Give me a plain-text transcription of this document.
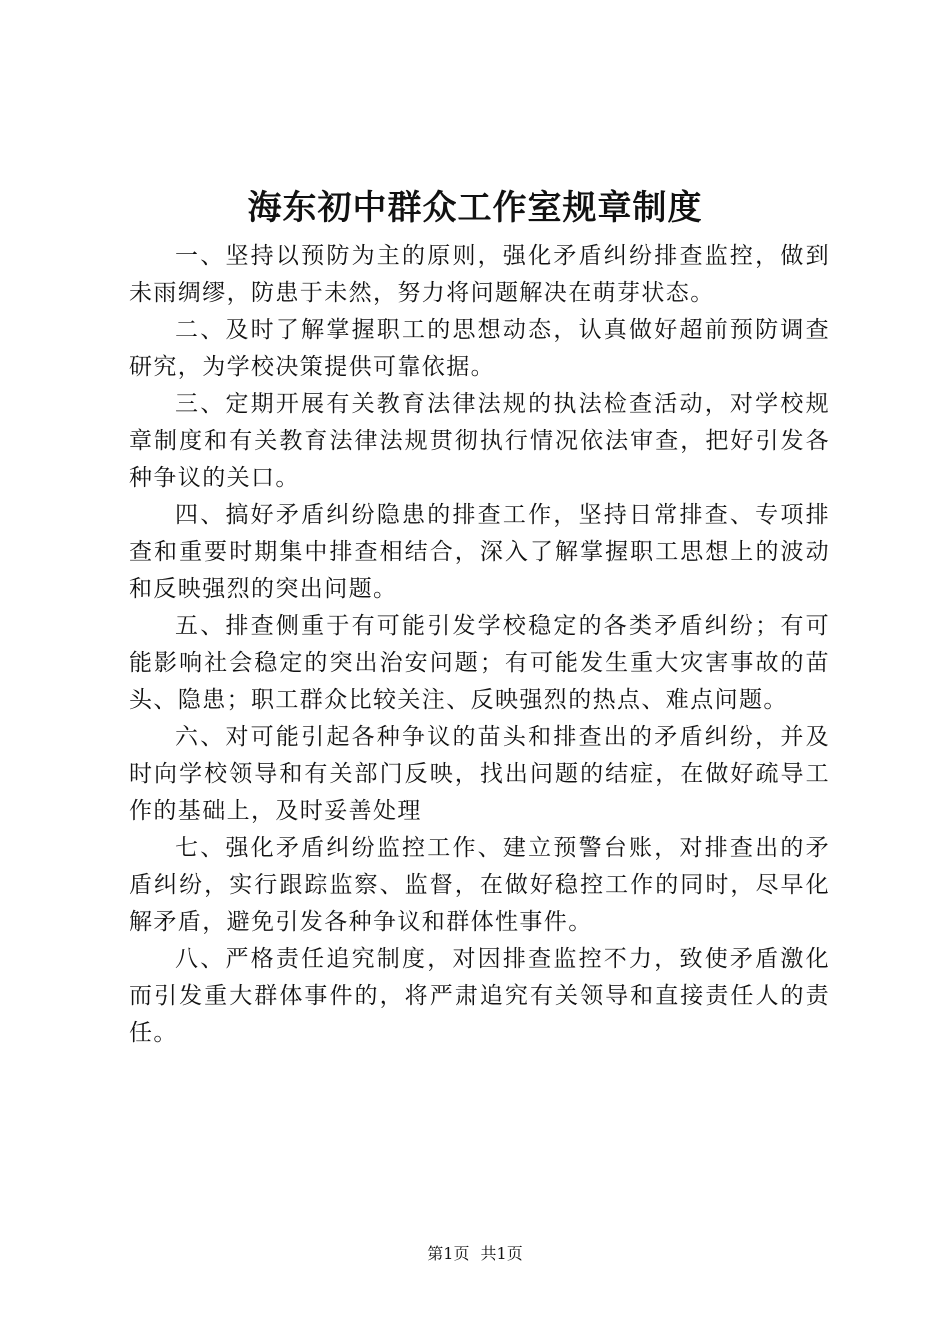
海东初中群众工作室规章制度

一、坚持以预防为主的原则，强化矛盾纠纷排查监控，做到未雨绸缪，防患于未然，努力将问题解决在萌芽状态。

二、及时了解掌握职工的思想动态，认真做好超前预防调查研究，为学校决策提供可靠依据。

三、定期开展有关教育法律法规的执法检查活动，对学校规章制度和有关教育法律法规贯彻执行情况依法审查，把好引发各种争议的关口。

四、搞好矛盾纠纷隐患的排查工作，坚持日常排查、专项排查和重要时期集中排查相结合，深入了解掌握职工思想上的波动和反映强烈的突出问题。

五、排查侧重于有可能引发学校稳定的各类矛盾纠纷；有可能影响社会稳定的突出治安问题；有可能发生重大灾害事故的苗头、隐患；职工群众比较关注、反映强烈的热点、难点问题。

六、对可能引起各种争议的苗头和排查出的矛盾纠纷，并及时向学校领导和有关部门反映，找出问题的结症，在做好疏导工作的基础上，及时妥善处理

七、强化矛盾纠纷监控工作、建立预警台账，对排查出的矛盾纠纷，实行跟踪监察、监督，在做好稳控工作的同时，尽早化解矛盾，避免引发各种争议和群体性事件。

八、严格责任追究制度，对因排查监控不力，致使矛盾激化而引发重大群体事件的，将严肃追究有关领导和直接责任人的责任。

第1页 共1页
